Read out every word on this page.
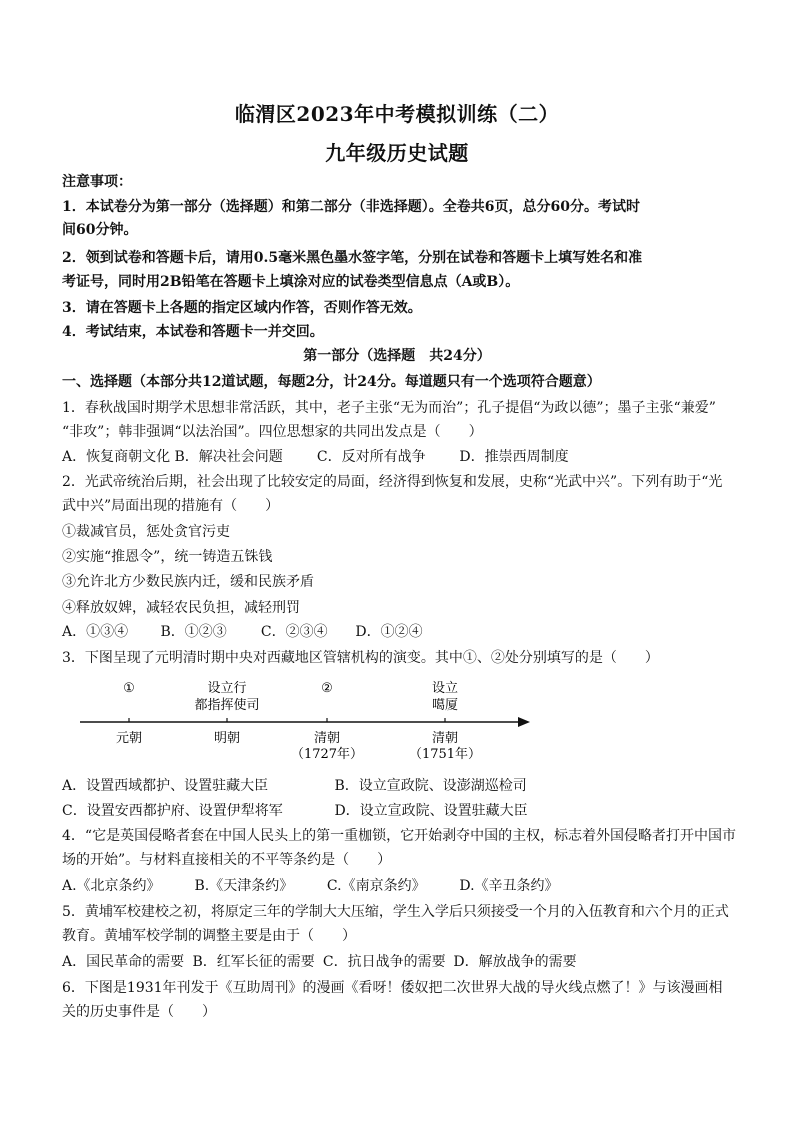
临渭区2023年中考模拟训练（二）
九年级历史试题
注意事项：
1．本试卷分为第一部分（选择题）和第二部分（非选择题）。全卷共6页，总分60分。考试时
间60分钟。
2．领到试卷和答题卡后，请用0.5毫米黑色墨水签字笔，分别在试卷和答题卡上填写姓名和准
考证号，同时用2B铅笔在答题卡上填涂对应的试卷类型信息点（A或B）。
3．请在答题卡上各题的指定区域内作答，否则作答无效。
4．考试结束，本试卷和答题卡一并交回。
第一部分（选择题　共24分）
一、选择题（本部分共12道试题，每题2分，计24分。每道题只有一个选项符合题意）
1．春秋战国时期学术思想非常活跃，其中，老子主张“无为而治”；孔子提倡“为政以德”；墨子主张“兼爱”
“非攻”；韩非强调“以法治国”。四位思想家的共同出发点是（　　）
A．恢复商朝文化 B．解决社会问题 C．反对所有战争 D．推崇西周制度
2．光武帝统治后期，社会出现了比较安定的局面，经济得到恢复和发展，史称“光武中兴”。下列有助于“光
武中兴”局面出现的措施有（　　）
①裁减官员，惩处贪官污吏
②实施“推恩令”，统一铸造五铢钱
③允许北方少数民族内迁，缓和民族矛盾
④释放奴婢，减轻农民负担，减轻刑罚
A．①③④ B．①②③ C．②③④ D．①②④
3．下图呈现了元明清时期中央对西藏地区管辖机构的演变。其中①、②处分别填写的是（　　）
①
元朝
设立行
都指挥使司
明朝
②
清朝
（1727年）
设立
噶厦
清朝
（1751年）
A．设置西域都护、设置驻藏大臣	B．设立宣政院、设澎湖巡检司
C．设置安西都护府、设置伊犁将军	D．设立宣政院、设置驻藏大臣
4．“它是英国侵略者套在中国人民头上的第一重枷锁，它开始剥夺中国的主权，标志着外国侵略者打开中国市
场的开始”。与材料直接相关的不平等条约是（　　）
A.《北京条约》 B.《天津条约》 C.《南京条约》 D.《辛丑条约》
5．黄埔军校建校之初，将原定三年的学制大大压缩，学生入学后只须接受一个月的入伍教育和六个月的正式
教育。黄埔军校学制的调整主要是由于（　　）
A．国民革命的需要 B．红军长征的需要 C．抗日战争的需要 D．解放战争的需要
6．下图是1931年刊发于《互助周刊》的漫画《看呀！倭奴把二次世界大战的导火线点燃了！》与该漫画相
关的历史事件是（　　）
